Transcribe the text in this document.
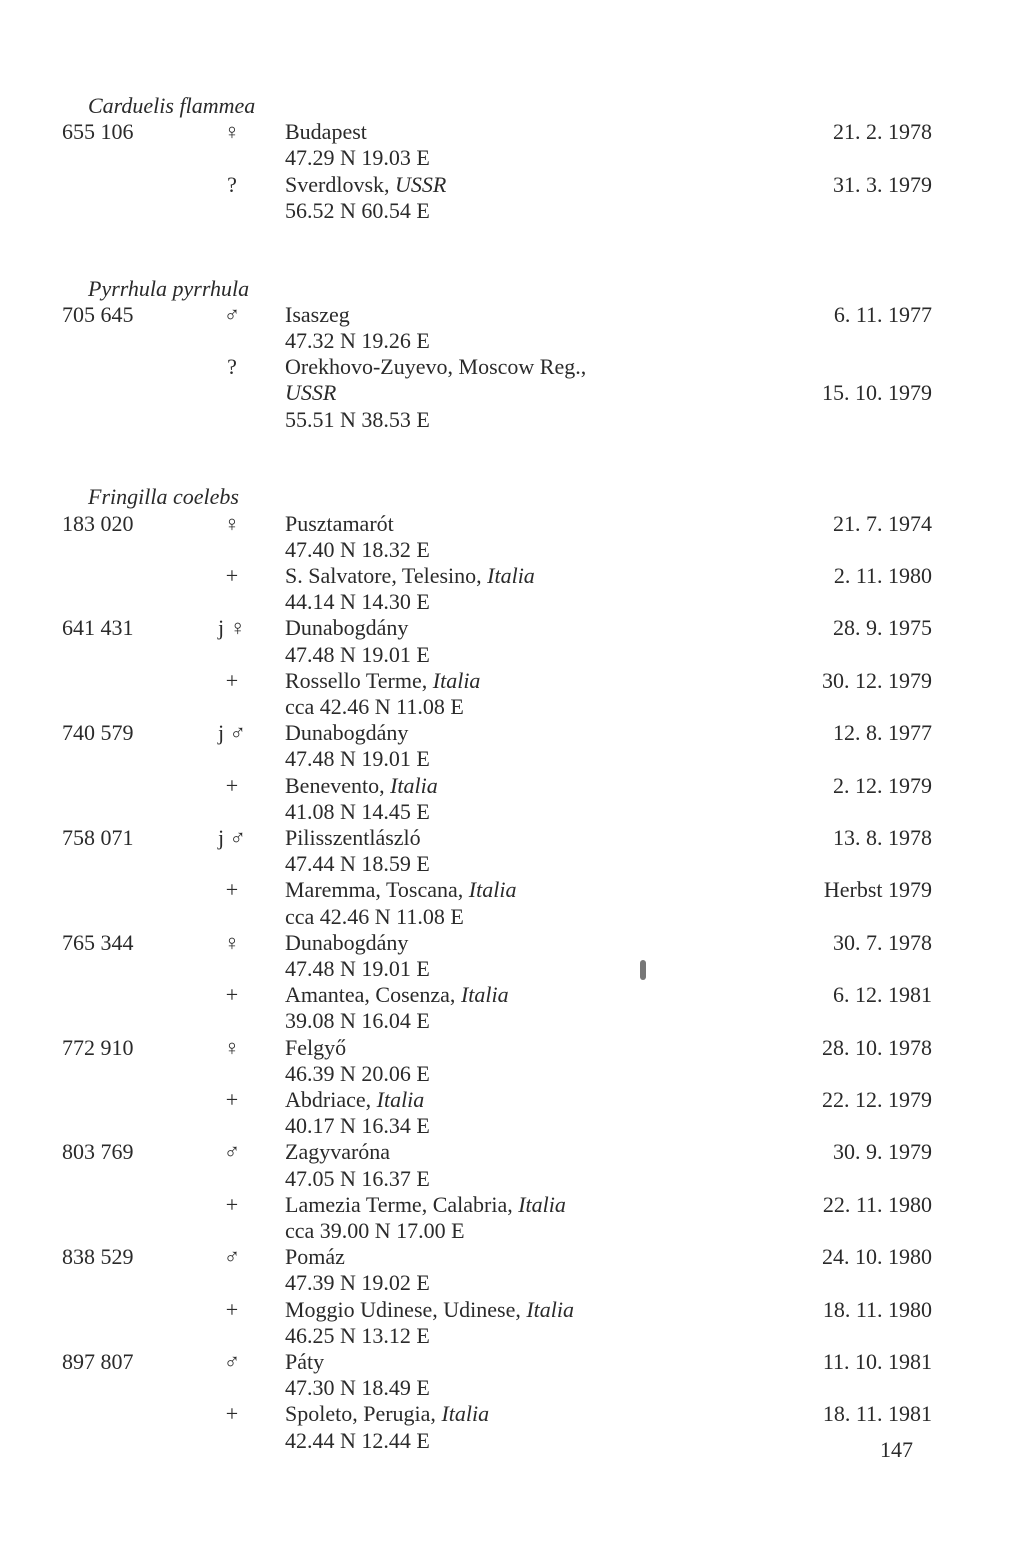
Carduelis flammea
655 106	♀	Budapest	21. 2. 1978
47.29 N 19.03 E
?	Sverdlovsk, USSR	31. 3. 1979
56.52 N 60.54 E
Pyrrhula pyrrhula
705 645	♂	Isaszeg	6. 11. 1977
47.32 N 19.26 E
?	Orekhovo-Zuyevo, Moscow Reg.,
USSR	15. 10. 1979
55.51 N 38.53 E
Fringilla coelebs
183 020	♀	Pusztamarót	21. 7. 1974
47.40 N 18.32 E
+	S. Salvatore, Telesino, Italia	2. 11. 1980
44.14 N 14.30 E
641 431	j ♀ Dunabogdány	28. 9. 1975
47.48 N 19.01 E
+	Rossello Terme, Italia	30. 12. 1979
cca 42.46 N 11.08 E
740 579	j ♂ Dunabogdány	12. 8. 1977
47.48 N 19.01 E
+	Benevento, Italia	2. 12. 1979
41.08 N 14.45 E
758 071	j ♂ Pilisszentlászló	13. 8. 1978
47.44 N 18.59 E
+	Maremma, Toscana, Italia	Herbst 1979
cca 42.46 N 11.08 E
765 344	♀	Dunabogdány	30. 7. 1978
47.48 N 19.01 E
+	Amantea, Cosenza, Italia	6. 12. 1981
39.08 N 16.04 E
772 910	♀	Felgyő	28. 10. 1978
46.39 N 20.06 E
+	Abdriace, Italia	22. 12. 1979
40.17 N 16.34 E
803 769	♂	Zagyvaróna	30. 9. 1979
47.05 N 16.37 E
+	Lamezia Terme, Calabria, Italia	22. 11. 1980
cca 39.00 N 17.00 E
838 529	♂	Pomáz	24. 10. 1980
47.39 N 19.02 E
+	Moggio Udinese, Udinese, Italia	18. 11. 1980
46.25 N 13.12 E
897 807	♂	Páty	11. 10. 1981
47.30 N 18.49 E
+	Spoleto, Perugia, Italia	18. 11. 1981
42.44 N 12.44 E	147
